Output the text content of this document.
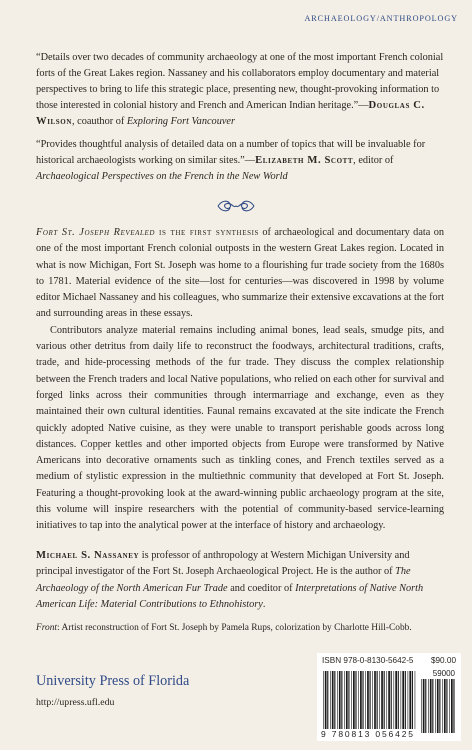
ARCHAEOLOGY/ANTHROPOLOGY
“Details over two decades of community archaeology at one of the most important French colonial forts of the Great Lakes region. Nassaney and his collaborators employ documentary and material perspectives to bring to life this strategic place, presenting new, thought-provoking information to those interested in colonial history and French and American Indian heritage.”—Douglas C. Wilson, coauthor of Exploring Fort Vancouver
“Provides thoughtful analysis of detailed data on a number of topics that will be invaluable for historical archaeologists working on similar sites.”—Elizabeth M. Scott, editor of Archaeological Perspectives on the French in the New World

Fort St. Joseph Revealed is the first synthesis of archaeological and documentary data on one of the most important French colonial outposts in the western Great Lakes region. Located in what is now Michigan, Fort St. Joseph was home to a flourishing fur trade society from the 1680s to 1781. Material evidence of the site—lost for centuries—was discovered in 1998 by volume editor Michael Nassaney and his colleagues, who summarize their extensive excavations at the fort and surrounding areas in these essays.

Contributors analyze material remains including animal bones, lead seals, smudge pits, and various other detritus from daily life to reconstruct the foodways, architectural traditions, crafts, trade, and hide-processing methods of the fur trade. They discuss the complex relationship between the French traders and local Native populations, who relied on each other for survival and forged links across their communities through intermarriage and exchange, even as they maintained their own cultural identities. Faunal remains excavated at the site indicate the French quickly adopted Native cuisine, as they were unable to transport perishable goods across long distances. Copper kettles and other imported objects from Europe were transformed by Native Americans into decorative ornaments such as tinkling cones, and French textiles served as a medium of stylistic expression in the multiethnic community that developed at Fort St. Joseph. Featuring a thought-provoking look at the award-winning public archaeology program at the site, this volume will inspire researchers with the potential of community-based service-learning initiatives to tap into the analytical power at the interface of history and archaeology.

Michael S. Nassaney is professor of anthropology at Western Michigan University and principal investigator of the Fort St. Joseph Archaeological Project. He is the author of The Archaeology of the North American Fur Trade and coeditor of Interpretations of Native North American Life: Material Contributions to Ethnohistory.
Front: Artist reconstruction of Fort St. Joseph by Pamela Rups, colorization by Charlotte Hill-Cobb.
University Press of Florida
http://upress.ufl.edu
ISBN 978-0-8130-5642-5 $90.00
59000
9 780813 056425
